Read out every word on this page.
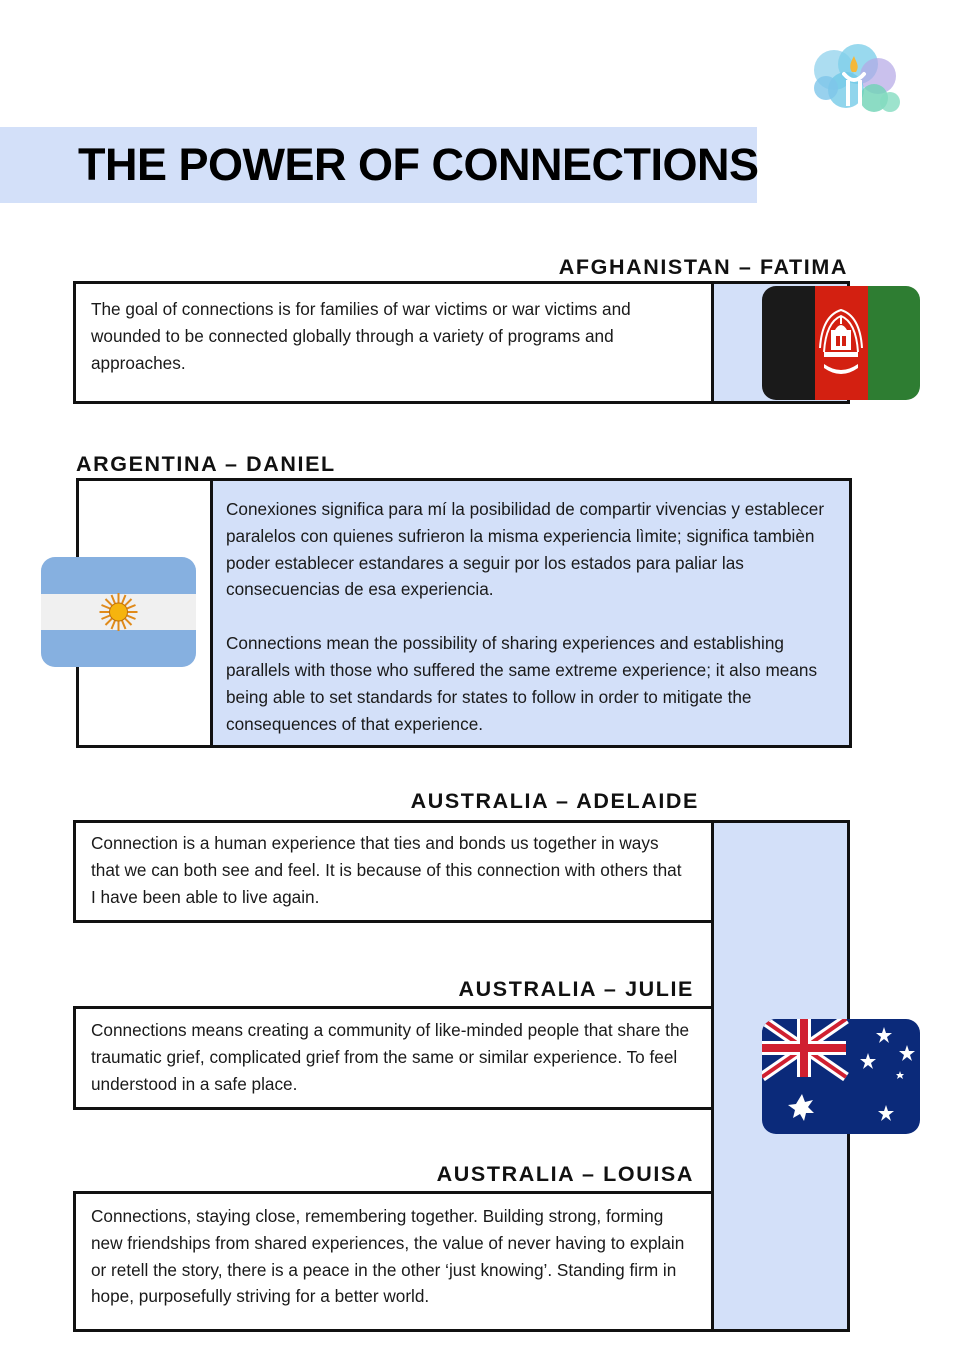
THE POWER OF CONNECTIONS
AFGHANISTAN – FATIMA
The goal of connections is for families of war victims or war victims and wounded to be connected globally through a variety of programs and approaches.
ARGENTINA – DANIEL

Conexiones significa para mí la posibilidad de compartir vivencias y establecer paralelos con quienes sufrieron la misma experiencia lìmite; significa tambièn poder establecer estandares a seguir por los estados para paliar las consecuencias de esa experiencia.

Connections mean the possibility of sharing experiences and establishing parallels with those who suffered the same extreme experience; it also means being able to set standards for states to follow in order to mitigate the consequences of that experience.

AUSTRALIA – ADELAIDE
Connection is a human experience that ties and bonds us together in ways that we can both see and feel. It is because of this connection with others that I have been able to live again.
AUSTRALIA – JULIE
Connections means creating a community of like-minded people that share the traumatic grief, complicated grief from the same or similar experience. To feel understood in a safe place.
AUSTRALIA – LOUISA
Connections, staying close, remembering together. Building strong, forming new friendships from shared experiences, the value of never having to explain or retell the story, there is a peace in the other ‘just knowing’. Standing firm in hope, purposefully striving for a better world.
